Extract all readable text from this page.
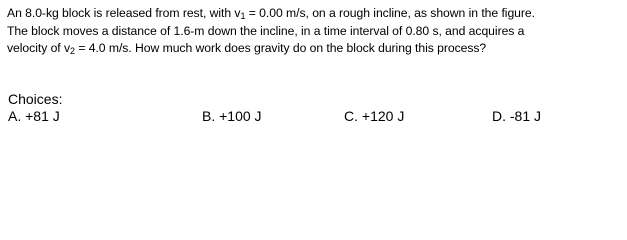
An 8.0-kg block is released from rest, with $v_1 = 0.00$ m/s, on a rough incline, as shown in the figure.
The block moves a distance of 1.6-m down the incline, in a time interval of 0.80 s, and acquires a
velocity of $v_2 = 4.0$ m/s. How much work does gravity do on the block during this process?
Choices:
A. +81 J	B. +100 J	C. +120 J	D. -81 J
